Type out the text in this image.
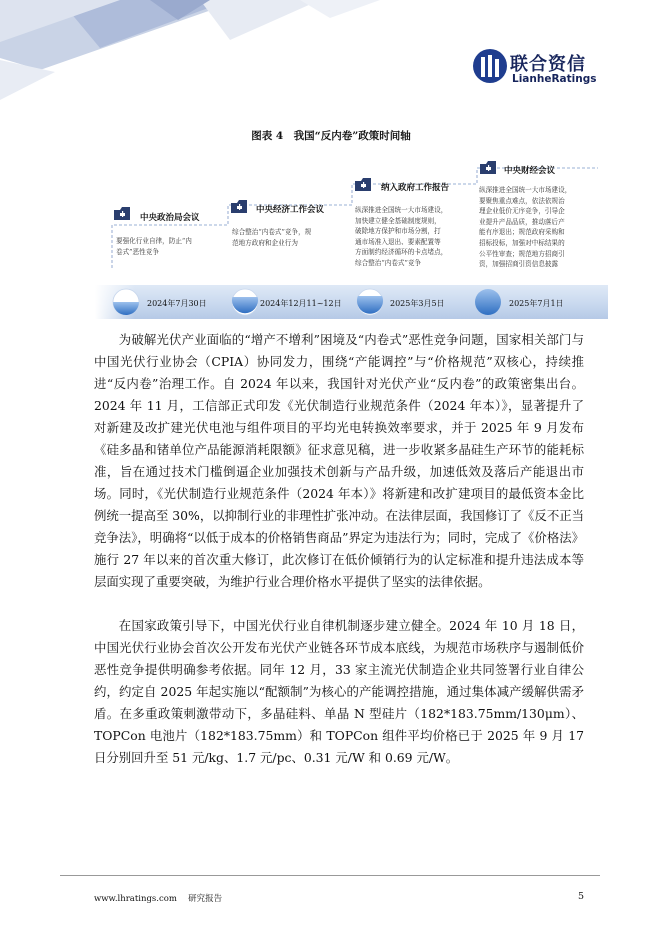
联合资信
LianheRatings
图表 4　我国“反内卷”政策时间轴
中央政治局会议
中央经济工作会议
纳入政府工作报告
中央财经会议
要强化行业自律，防止“内
卷式”恶性竞争
综合整治“内卷式”竞争，规
范地方政府和企业行为
纵深推进全国统一大市场建设，
加快建立健全基础制度规则，
破除地方保护和市场分割，打
通市场准入退出、要素配置等
方面制约经济循环的卡点堵点，
综合整治“内卷式”竞争
纵深推进全国统一大市场建设，
要聚焦重点难点，依法依规治
理企业低价无序竞争，引导企
业提升产品品质，推动落后产
能有序退出；规范政府采购和
招标投标，加强对中标结果的
公平性审查；规范地方招商引
资，加强招商引资信息披露
2024年7月30日	2024年12月11~12日	2025年3月5日	2025年7月1日

为破解光伏产业面临的“增产不增利”困境及“内卷式”恶性竞争问题，国家相关部门与中国光伏行业协会（CPIA）协同发力，围绕“产能调控”与“价格规范”双核心，持续推进“反内卷”治理工作。自 2024 年以来，我国针对光伏产业“反内卷”的政策密集出台。2024 年 11 月，工信部正式印发《光伏制造行业规范条件（2024 年本）》，显著提升了对新建及改扩建光伏电池与组件项目的平均光电转换效率要求，并于 2025 年 9 月发布《硅多晶和锗单位产品能源消耗限额》征求意见稿，进一步收紧多晶硅生产环节的能耗标准，旨在通过技术门槛倒逼企业加强技术创新与产品升级，加速低效及落后产能退出市场。同时，《光伏制造行业规范条件（2024 年本）》将新建和改扩建项目的最低资本金比例统一提高至 30%，以抑制行业的非理性扩张冲动。在法律层面，我国修订了《反不正当竞争法》，明确将“以低于成本的价格销售商品”界定为违法行为；同时，完成了《价格法》施行 27 年以来的首次重大修订，此次修订在低价倾销行为的认定标准和提升违法成本等层面实现了重要突破，为维护行业合理价格水平提供了坚实的法律依据。

在国家政策引导下，中国光伏行业自律机制逐步建立健全。2024 年 10 月 18 日，中国光伏行业协会首次公开发布光伏产业链各环节成本底线，为规范市场秩序与遏制低价恶性竞争提供明确参考依据。同年 12 月，33 家主流光伏制造企业共同签署行业自律公约，约定自 2025 年起实施以“配额制”为核心的产能调控措施，通过集体减产缓解供需矛盾。在多重政策刺激带动下，多晶硅料、单晶 N 型硅片（182*183.75mm/130μm）、TOPCon 电池片（182*183.75mm）和 TOPCon 组件平均价格已于 2025 年 9 月 17 日分别回升至 51 元/kg、1.7 元/pc、0.31 元/W 和 0.69 元/W。

www.lhratings.com　 研究报告	5
